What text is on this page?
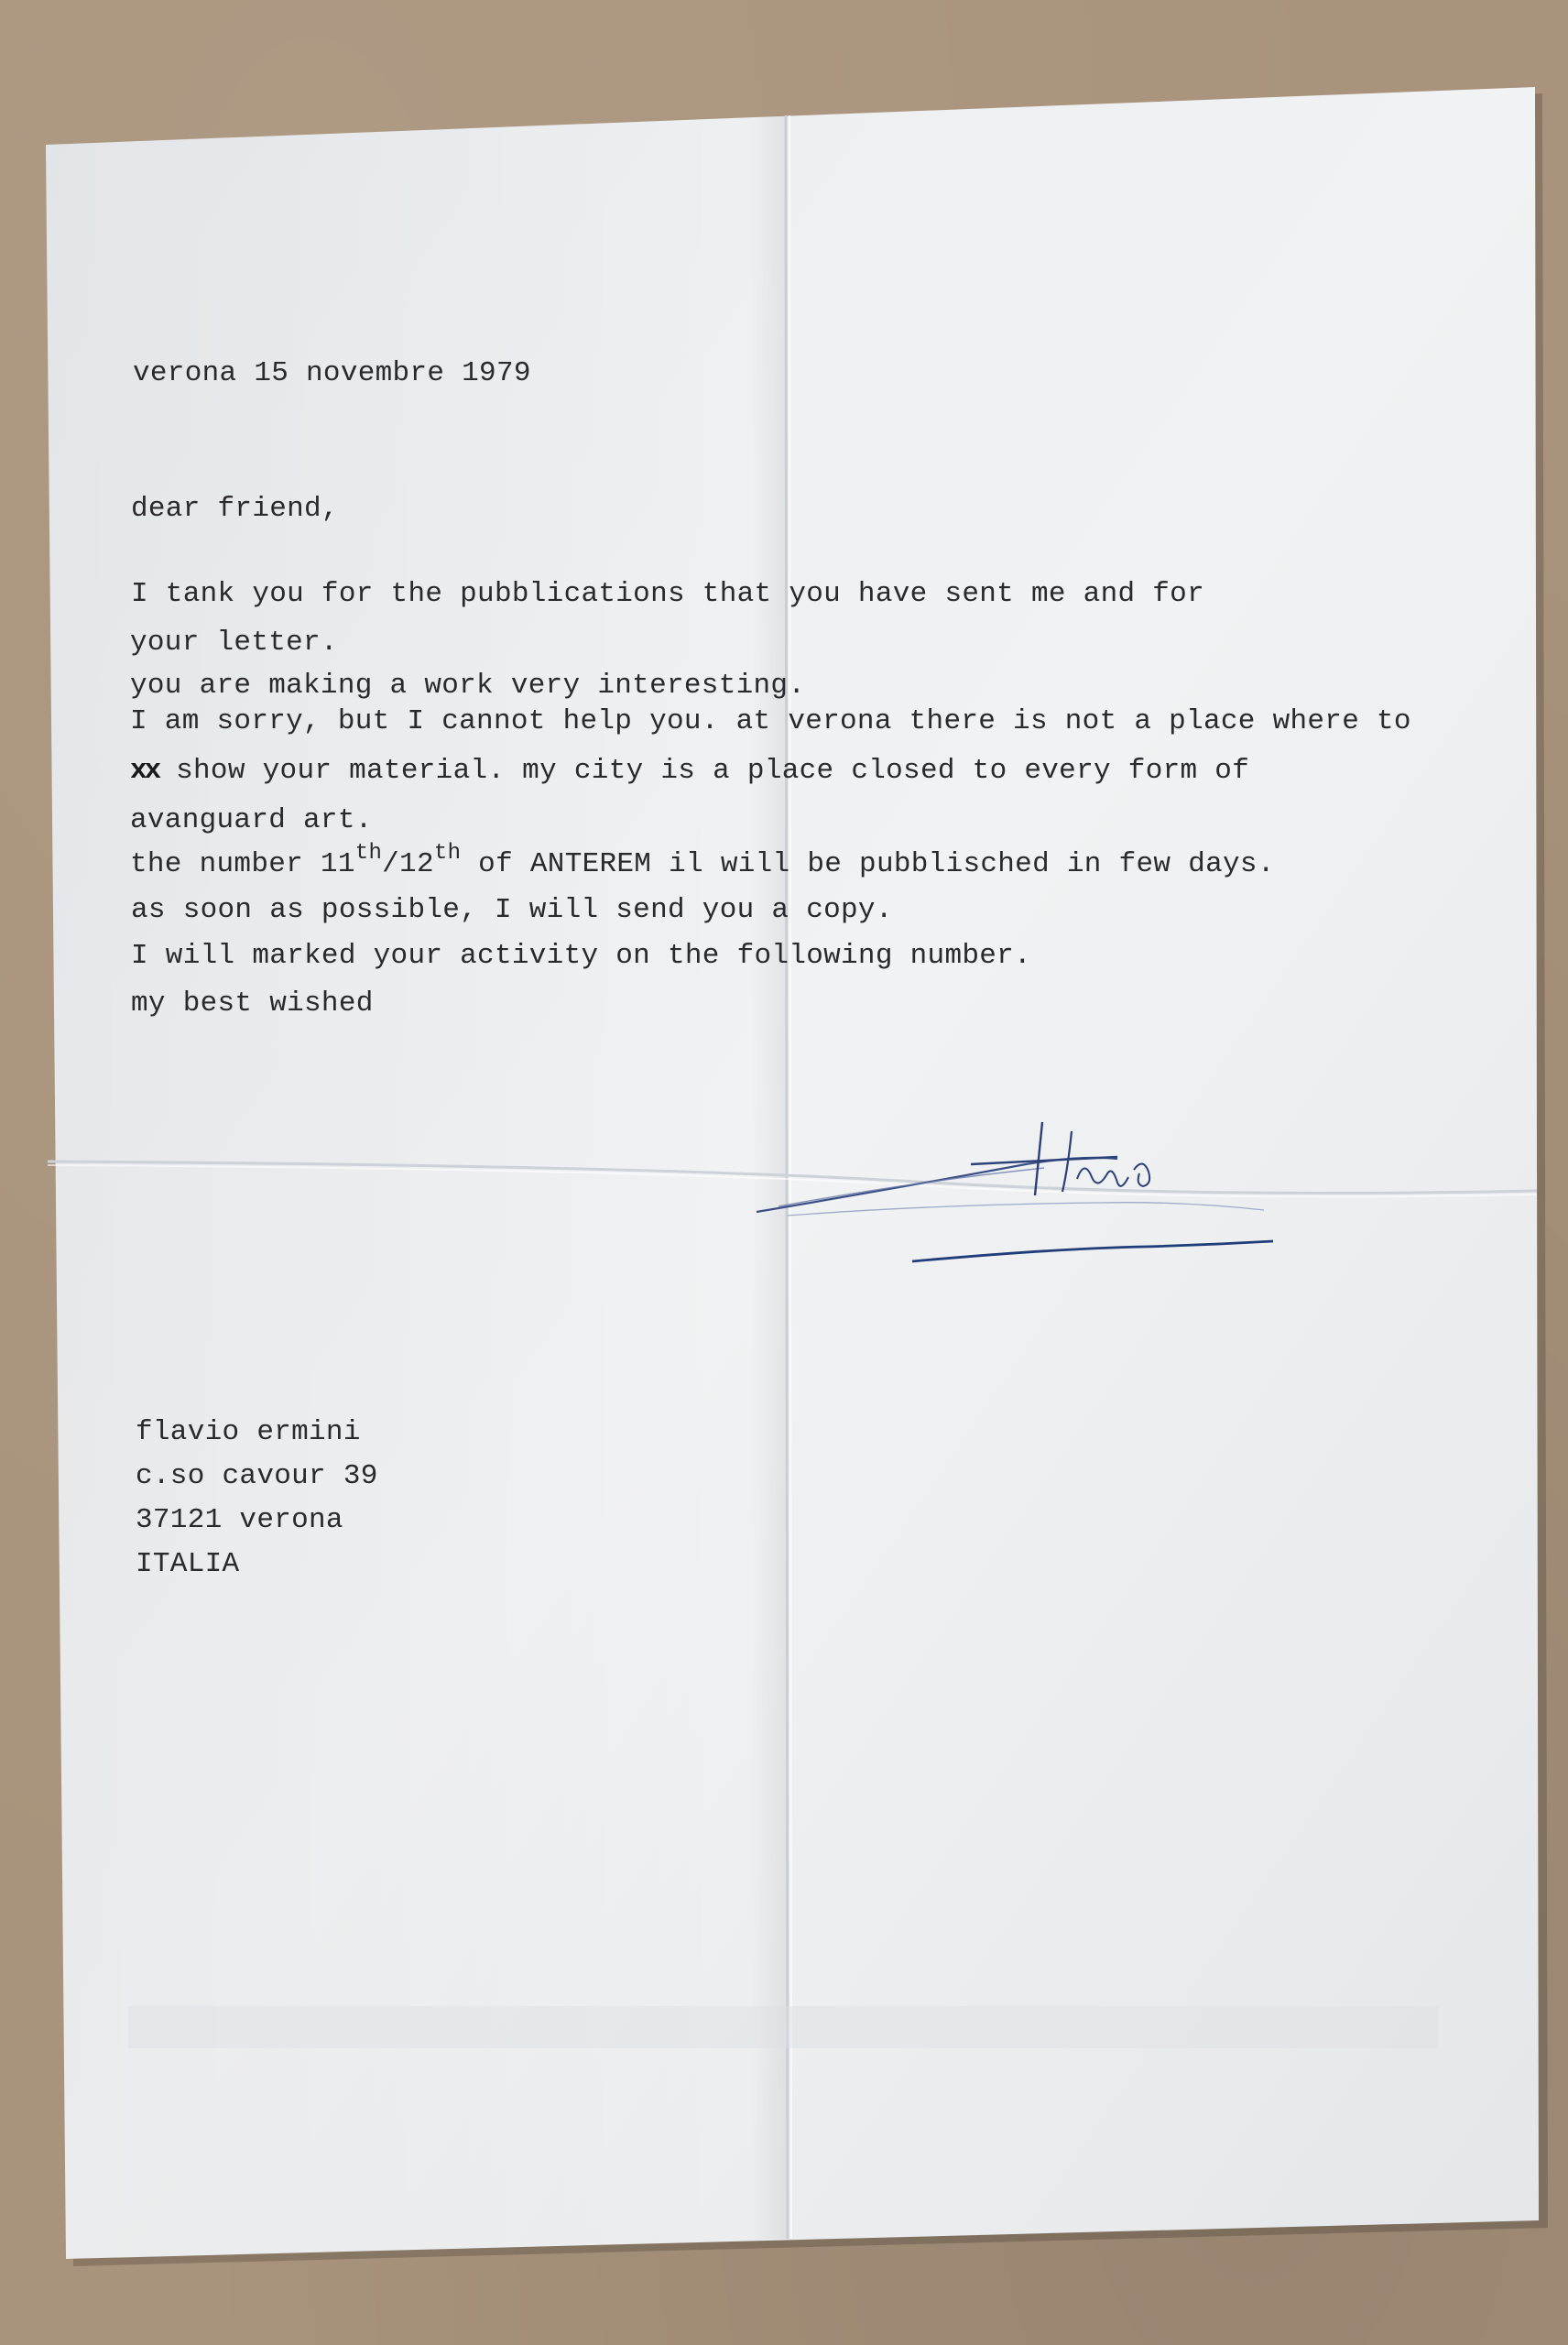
verona 15 novembre 1979
dear friend,
I tank you for the pubblications that you have sent me and for
your letter.
you are making a work very interesting.
I am sorry, but I cannot help you. at verona there is not a place where to
xx show your material. my city is a place closed to every form of
avanguard art.
the number 11th/12th of ANTEREM il will be pubblisched in few days.
as soon as possible, I will send you a copy.
I will marked your activity on the following number.
my best wished
flavio ermini
c.so cavour 39
37121 verona
ITALIA
